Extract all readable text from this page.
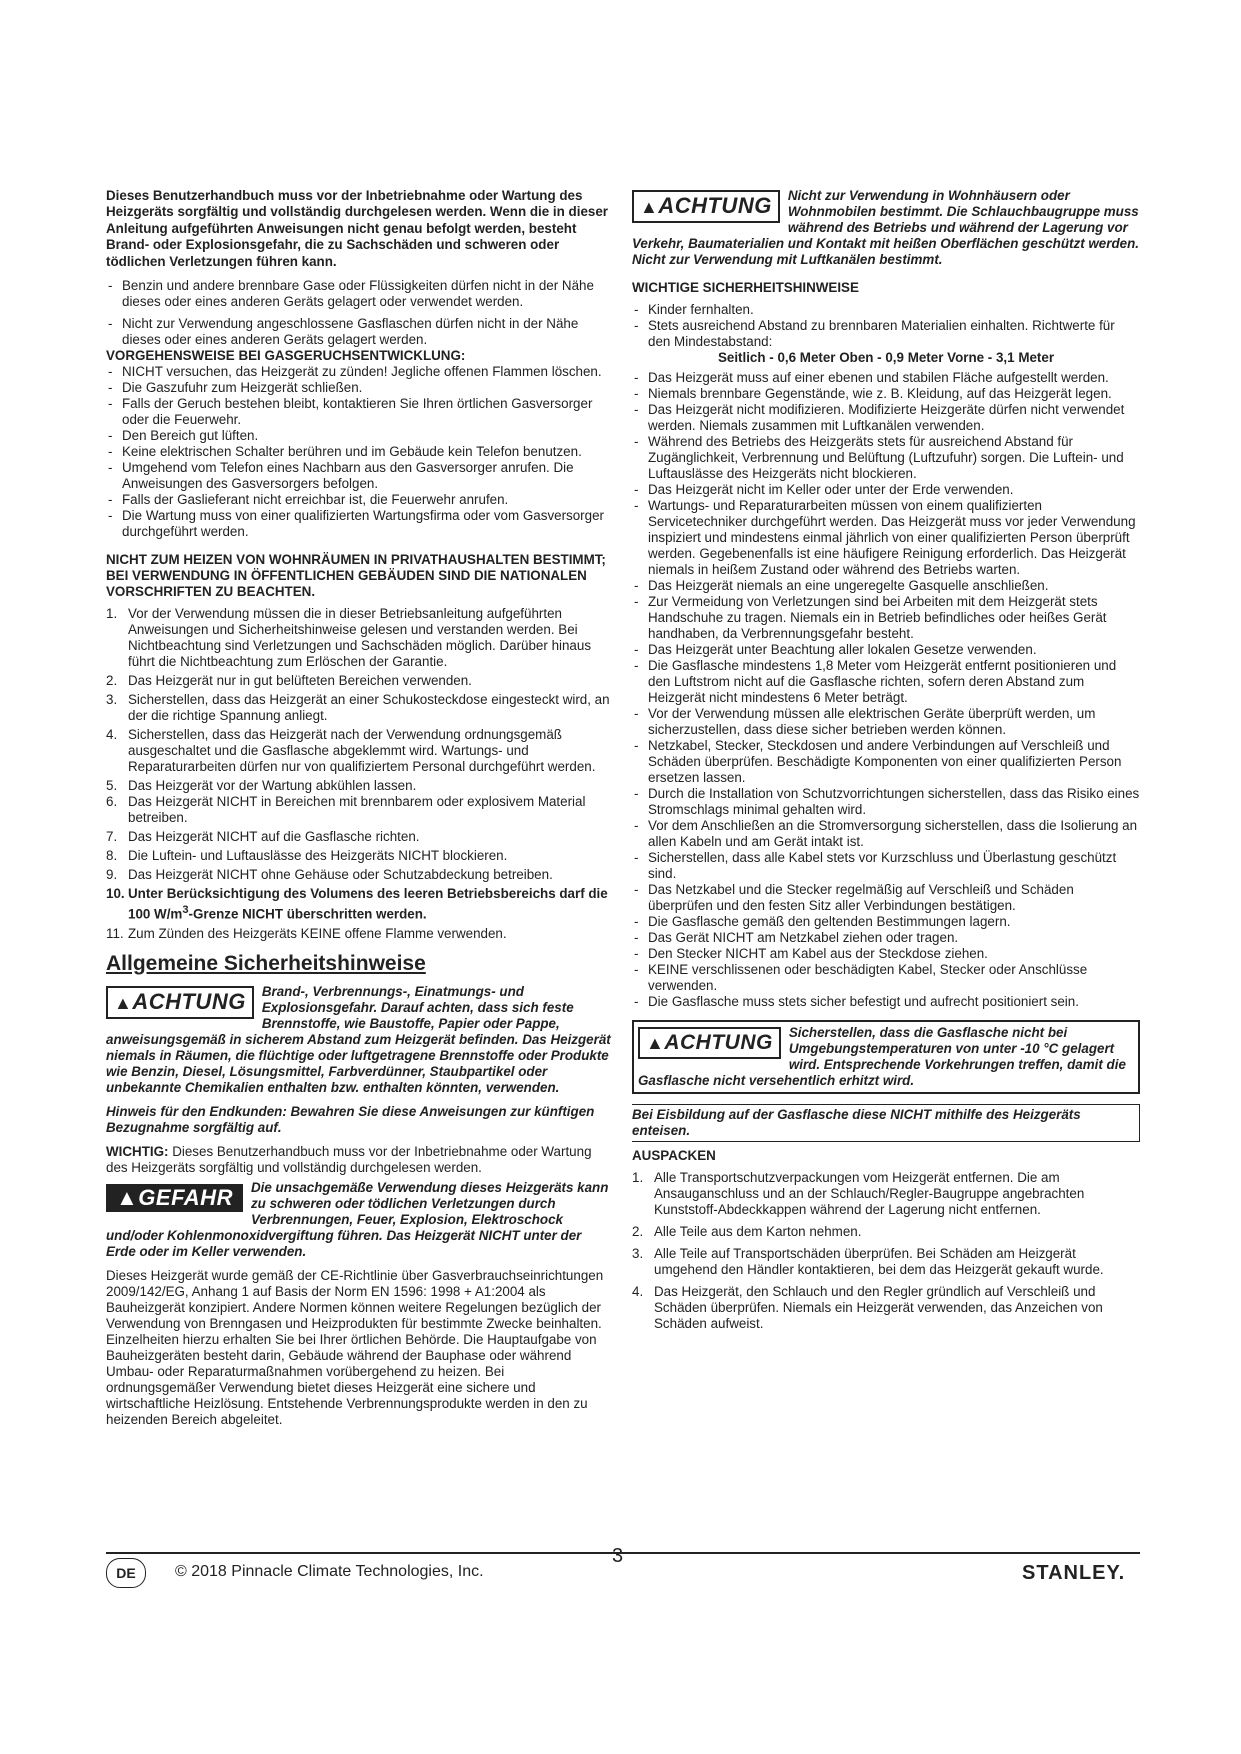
Dieses Benutzerhandbuch muss vor der Inbetriebnahme oder Wartung des Heizgeräts sorgfältig und vollständig durchgelesen werden. Wenn die in dieser Anleitung aufgeführten Anweisungen nicht genau befolgt werden, besteht Brand- oder Explosionsgefahr, die zu Sachschäden und schweren oder tödlichen Verletzungen führen kann.

- Benzin und andere brennbare Gase oder Flüssigkeiten dürfen nicht in der Nähe dieses oder eines anderen Geräts gelagert oder verwendet werden.
- Nicht zur Verwendung angeschlossene Gasflaschen dürfen nicht in der Nähe dieses oder eines anderen Geräts gelagert werden.

VORGEHENSWEISE BEI GASGERUCHSENTWICKLUNG:

- NICHT versuchen, das Heizgerät zu zünden! Jegliche offenen Flammen löschen.
- Die Gaszufuhr zum Heizgerät schließen.
- Falls der Geruch bestehen bleibt, kontaktieren Sie Ihren örtlichen Gasversorger oder die Feuerwehr.
- Den Bereich gut lüften.
- Keine elektrischen Schalter berühren und im Gebäude kein Telefon benutzen.
- Umgehend vom Telefon eines Nachbarn aus den Gasversorger anrufen. Die Anweisungen des Gasversorgers befolgen.
- Falls der Gaslieferant nicht erreichbar ist, die Feuerwehr anrufen.
- Die Wartung muss von einer qualifizierten Wartungsfirma oder vom Gasversorger durchgeführt werden.

NICHT ZUM HEIZEN VON WOHNRÄUMEN IN PRIVATHAUSHALTEN BESTIMMT; BEI VERWENDUNG IN ÖFFENTLICHEN GEBÄUDEN SIND DIE NATIONALEN VORSCHRIFTEN ZU BEACHTEN.

1. Vor der Verwendung müssen die in dieser Betriebsanleitung aufgeführten Anweisungen und Sicherheitshinweise gelesen und verstanden werden. Bei Nichtbeachtung sind Verletzungen und Sachschäden möglich. Darüber hinaus führt die Nichtbeachtung zum Erlöschen der Garantie.
2. Das Heizgerät nur in gut belüfteten Bereichen verwenden.
3. Sicherstellen, dass das Heizgerät an einer Schukosteckdose eingesteckt wird, an der die richtige Spannung anliegt.
4. Sicherstellen, dass das Heizgerät nach der Verwendung ordnungsgemäß ausgeschaltet und die Gasflasche abgeklemmt wird. Wartungs- und Reparaturarbeiten dürfen nur von qualifiziertem Personal durchgeführt werden.
5. Das Heizgerät vor der Wartung abkühlen lassen.
6. Das Heizgerät NICHT in Bereichen mit brennbarem oder explosivem Material betreiben.
7. Das Heizgerät NICHT auf die Gasflasche richten.
8. Die Luftein- und Luftauslässe des Heizgeräts NICHT blockieren.
9. Das Heizgerät NICHT ohne Gehäuse oder Schutzabdeckung betreiben.
10. Unter Berücksichtigung des Volumens des leeren Betriebsbereichs darf die 100 $W/m^3$-Grenze NICHT überschritten werden.
11. Zum Zünden des Heizgeräts KEINE offene Flamme verwenden.
Allgemeine Sicherheitshinweise
▲ACHTUNG	Brand-, Verbrennungs-, Einatmungs- und Explosionsgefahr. Darauf achten, dass sich feste Brennstoffe, wie Baustoffe, Papier oder Pappe, anweisungsgemäß in sicherem Abstand zum Heizgerät befinden. Das Heizgerät niemals in Räumen, die flüchtige oder luftgetragene Brennstoffe oder Produkte wie Benzin, Diesel, Lösungsmittel, Farbverdünner, Staubpartikel oder unbekannte Chemikalien enthalten bzw. enthalten könnten, verwenden.

Hinweis für den Endkunden: Bewahren Sie diese Anweisungen zur künftigen Bezugnahme sorgfältig auf.

WICHTIG: Dieses Benutzerhandbuch muss vor der Inbetriebnahme oder Wartung des Heizgeräts sorgfältig und vollständig durchgelesen werden.

▲GEFAHR	Die unsachgemäße Verwendung dieses Heizgeräts kann zu schweren oder tödlichen Verletzungen durch Verbrennungen, Feuer, Explosion, Elektroschock und/oder Kohlenmonoxidvergiftung führen. Das Heizgerät NICHT unter der Erde oder im Keller verwenden.

Dieses Heizgerät wurde gemäß der CE-Richtlinie über Gasverbrauchseinrichtungen 2009/142/EG, Anhang 1 auf Basis der Norm EN 1596: 1998 + A1:2004 als Bauheizgerät konzipiert. Andere Normen können weitere Regelungen bezüglich der Verwendung von Brenngasen und Heizprodukten für bestimmte Zwecke beinhalten. Einzelheiten hierzu erhalten Sie bei Ihrer örtlichen Behörde. Die Hauptaufgabe von Bauheizgeräten besteht darin, Gebäude während der Bauphase oder während Umbau- oder Reparaturmaßnahmen vorübergehend zu heizen. Bei ordnungsgemäßer Verwendung bietet dieses Heizgerät eine sichere und wirtschaftliche Heizlösung. Entstehende Verbrennungsprodukte werden in den zu heizenden Bereich abgeleitet.

▲ACHTUNG	Nicht zur Verwendung in Wohnhäusern oder Wohnmobilen bestimmt. Die Schlauchbaugruppe muss während des Betriebs und während der Lagerung vor Verkehr, Baumaterialien und Kontakt mit heißen Oberflächen geschützt werden. Nicht zur Verwendung mit Luftkanälen bestimmt.

WICHTIGE SICHERHEITSHINWEISE

- Kinder fernhalten.
- Stets ausreichend Abstand zu brennbaren Materialien einhalten. Richtwerte für den Mindestabstand:

Seitlich - 0,6 Meter Oben - 0,9 Meter Vorne - 3,1 Meter

- Das Heizgerät muss auf einer ebenen und stabilen Fläche aufgestellt werden.
- Niemals brennbare Gegenstände, wie z. B. Kleidung, auf das Heizgerät legen.
- Das Heizgerät nicht modifizieren. Modifizierte Heizgeräte dürfen nicht verwendet werden. Niemals zusammen mit Luftkanälen verwenden.
- Während des Betriebs des Heizgeräts stets für ausreichend Abstand für Zugänglichkeit, Verbrennung und Belüftung (Luftzufuhr) sorgen. Die Luftein- und Luftauslässe des Heizgeräts nicht blockieren.
- Das Heizgerät nicht im Keller oder unter der Erde verwenden.
- Wartungs- und Reparaturarbeiten müssen von einem qualifizierten Servicetechniker durchgeführt werden. Das Heizgerät muss vor jeder Verwendung inspiziert und mindestens einmal jährlich von einer qualifizierten Person überprüft werden. Gegebenenfalls ist eine häufigere Reinigung erforderlich. Das Heizgerät niemals in heißem Zustand oder während des Betriebs warten.
- Das Heizgerät niemals an eine ungeregelte Gasquelle anschließen.
- Zur Vermeidung von Verletzungen sind bei Arbeiten mit dem Heizgerät stets Handschuhe zu tragen. Niemals ein in Betrieb befindliches oder heißes Gerät handhaben, da Verbrennungsgefahr besteht.
- Das Heizgerät unter Beachtung aller lokalen Gesetze verwenden.
- Die Gasflasche mindestens 1,8 Meter vom Heizgerät entfernt positionieren und den Luftstrom nicht auf die Gasflasche richten, sofern deren Abstand zum Heizgerät nicht mindestens 6 Meter beträgt.
- Vor der Verwendung müssen alle elektrischen Geräte überprüft werden, um sicherzustellen, dass diese sicher betrieben werden können.
- Netzkabel, Stecker, Steckdosen und andere Verbindungen auf Verschleiß und Schäden überprüfen. Beschädigte Komponenten von einer qualifizierten Person ersetzen lassen.
- Durch die Installation von Schutzvorrichtungen sicherstellen, dass das Risiko eines Stromschlags minimal gehalten wird.
- Vor dem Anschließen an die Stromversorgung sicherstellen, dass die Isolierung an allen Kabeln und am Gerät intakt ist.
- Sicherstellen, dass alle Kabel stets vor Kurzschluss und Überlastung geschützt sind.
- Das Netzkabel und die Stecker regelmäßig auf Verschleiß und Schäden überprüfen und den festen Sitz aller Verbindungen bestätigen.
- Die Gasflasche gemäß den geltenden Bestimmungen lagern.
- Das Gerät NICHT am Netzkabel ziehen oder tragen.
- Den Stecker NICHT am Kabel aus der Steckdose ziehen.
- KEINE verschlissenen oder beschädigten Kabel, Stecker oder Anschlüsse verwenden.
- Die Gasflasche muss stets sicher befestigt und aufrecht positioniert sein.
▲ACHTUNG	Sicherstellen, dass die Gasflasche nicht bei Umgebungstemperaturen von unter -10 °C gelagert wird. Entsprechende Vorkehrungen treffen, damit die Gasflasche nicht versehentlich erhitzt wird.

Bei Eisbildung auf der Gasflasche diese NICHT mithilfe des Heizgeräts enteisen.

AUSPACKEN

1. Alle Transportschutzverpackungen vom Heizgerät entfernen. Die am Ansauganschluss und an der Schlauch/Regler-Baugruppe angebrachten Kunststoff-Abdeckkappen während der Lagerung nicht entfernen.
2. Alle Teile aus dem Karton nehmen.
3. Alle Teile auf Transportschäden überprüfen. Bei Schäden am Heizgerät umgehend den Händler kontaktieren, bei dem das Heizgerät gekauft wurde.
4. Das Heizgerät, den Schlauch und den Regler gründlich auf Verschleiß und Schäden überprüfen. Niemals ein Heizgerät verwenden, das Anzeichen von Schäden aufweist.
DE	© 2018 Pinnacle Climate Technologies, Inc.
3
STANLEY.
